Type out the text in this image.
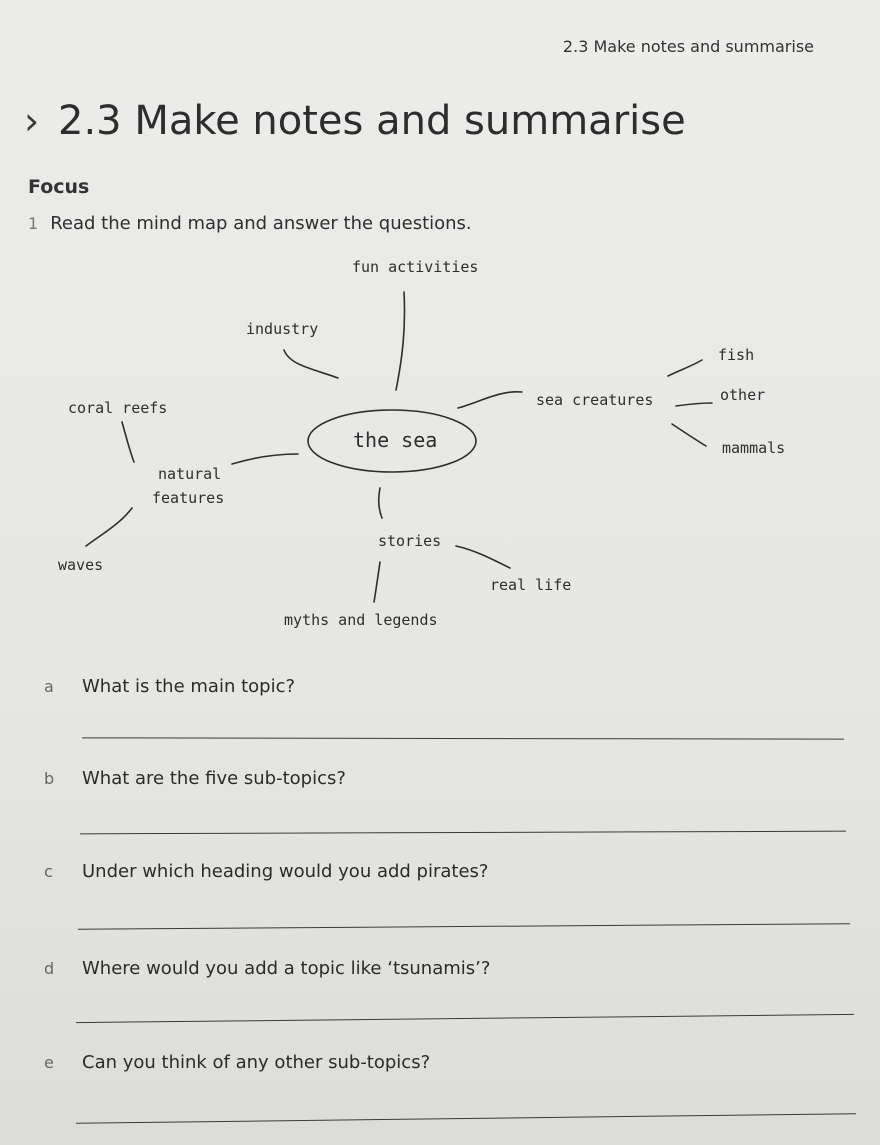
2.3 Make notes and summarise
› 2.3 Make notes and summarise
Focus
1 Read the mind map and answer the questions.
fun activities
industry
coral reefs
the sea
natural
features
waves
sea creatures
fish
other
mammals
stories
real life
myths and legends
a What is the main topic?
b What are the five sub-topics?
c Under which heading would you add pirates?
d Where would you add a topic like ‘tsunamis’?
e Can you think of any other sub-topics?
